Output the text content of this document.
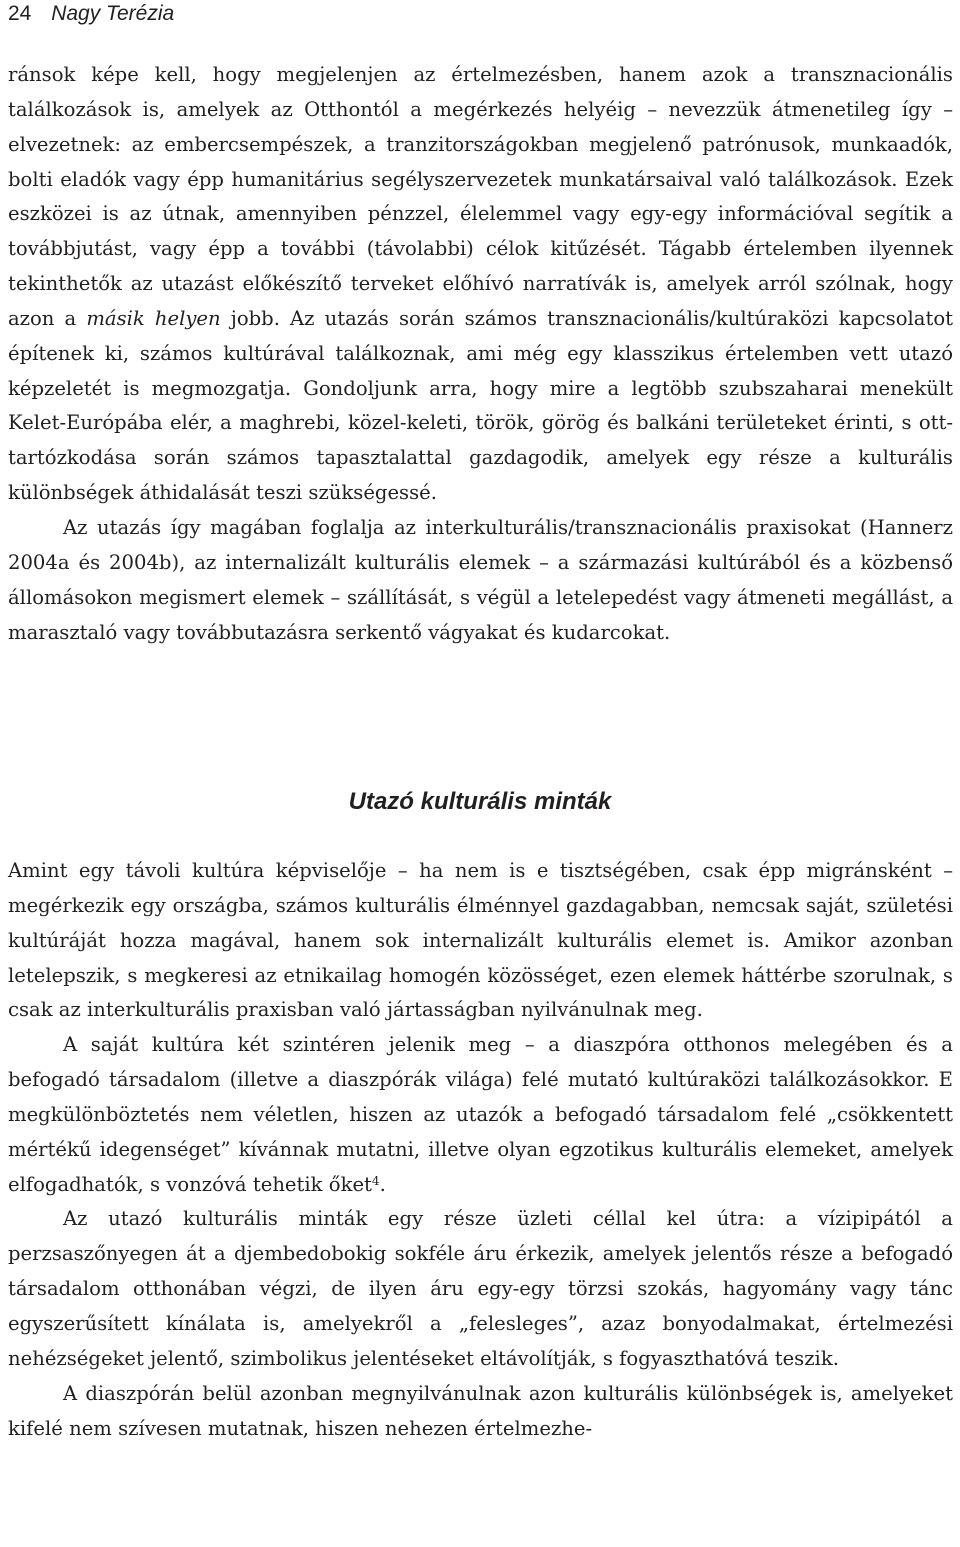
24 Nagy Terézia

ránsok képe kell, hogy megjelenjen az értelmezésben, hanem azok a transznacionális találkozások is, amelyek az Otthontól a megérkezés helyéig – nevezzük átmenetileg így – elvezetnek: az embercsempészek, a tranzitországokban megjelenő patrónusok, munkaadók, bolti eladók vagy épp humanitárius segélyszervezetek munkatársaival való találkozások. Ezek eszközei is az útnak, amennyiben pénzzel, élelemmel vagy egy-egy információval segítik a továbbjutást, vagy épp a további (távolabbi) célok kitűzését. Tágabb értelemben ilyennek tekinthetők az utazást előkészítő terveket előhívó narratívák is, amelyek arról szólnak, hogy azon a másik helyen jobb. Az utazás során számos transznacionális/kultúraközi kapcsolatot építenek ki, számos kultúrával találkoznak, ami még egy klasszikus értelemben vett utazó képzeletét is megmozgatja. Gondoljunk arra, hogy mire a legtöbb szubszaharai menekült Kelet-Európába elér, a maghrebi, közel-keleti, török, görög és balkáni területeket érinti, s ott-tartózkodása során számos tapasztalattal gazdagodik, amelyek egy része a kulturális különbségek áthidalását teszi szükségessé.

Az utazás így magában foglalja az interkulturális/transznacionális praxisokat (Hannerz 2004a és 2004b), az internalizált kulturális elemek – a származási kultúrából és a közbenső állomásokon megismert elemek – szállítását, s végül a letelepedést vagy átmeneti megállást, a marasztaló vagy továbbutazásra serkentő vágyakat és kudarcokat.

Utazó kulturális minták

Amint egy távoli kultúra képviselője – ha nem is e tisztségében, csak épp migránsként – megérkezik egy országba, számos kulturális élménnyel gazdagabban, nemcsak saját, születési kultúráját hozza magával, hanem sok internalizált kulturális elemet is. Amikor azonban letelepszik, s megkeresi az etnikailag homogén közösséget, ezen elemek háttérbe szorulnak, s csak az interkulturális praxisban való jártasságban nyilvánulnak meg.

A saját kultúra két szintéren jelenik meg – a diaszpóra otthonos melegében és a befogadó társadalom (illetve a diaszpórák világa) felé mutató kultúraközi találkozásokkor. E megkülönböztetés nem véletlen, hiszen az utazók a befogadó társadalom felé „csökkentett mértékű idegenséget” kívánnak mutatni, illetve olyan egzotikus kulturális elemeket, amelyek elfogadhatók, s vonzóvá tehetik őket$^4$.

Az utazó kulturális minták egy része üzleti céllal kel útra: a vízipipától a perzsaszőnyegen át a djembedobokig sokféle áru érkezik, amelyek jelentős része a befogadó társadalom otthonában végzi, de ilyen áru egy-egy törzsi szokás, hagyomány vagy tánc egyszerűsített kínálata is, amelyekről a „felesleges”, azaz bonyodalmakat, értelmezési nehézségeket jelentő, szimbolikus jelentéseket eltávolítják, s fogyaszthatóvá teszik.

A diaszpórán belül azonban megnyilvánulnak azon kulturális különbségek is, amelyeket kifelé nem szívesen mutatnak, hiszen nehezen értelmezhe-
